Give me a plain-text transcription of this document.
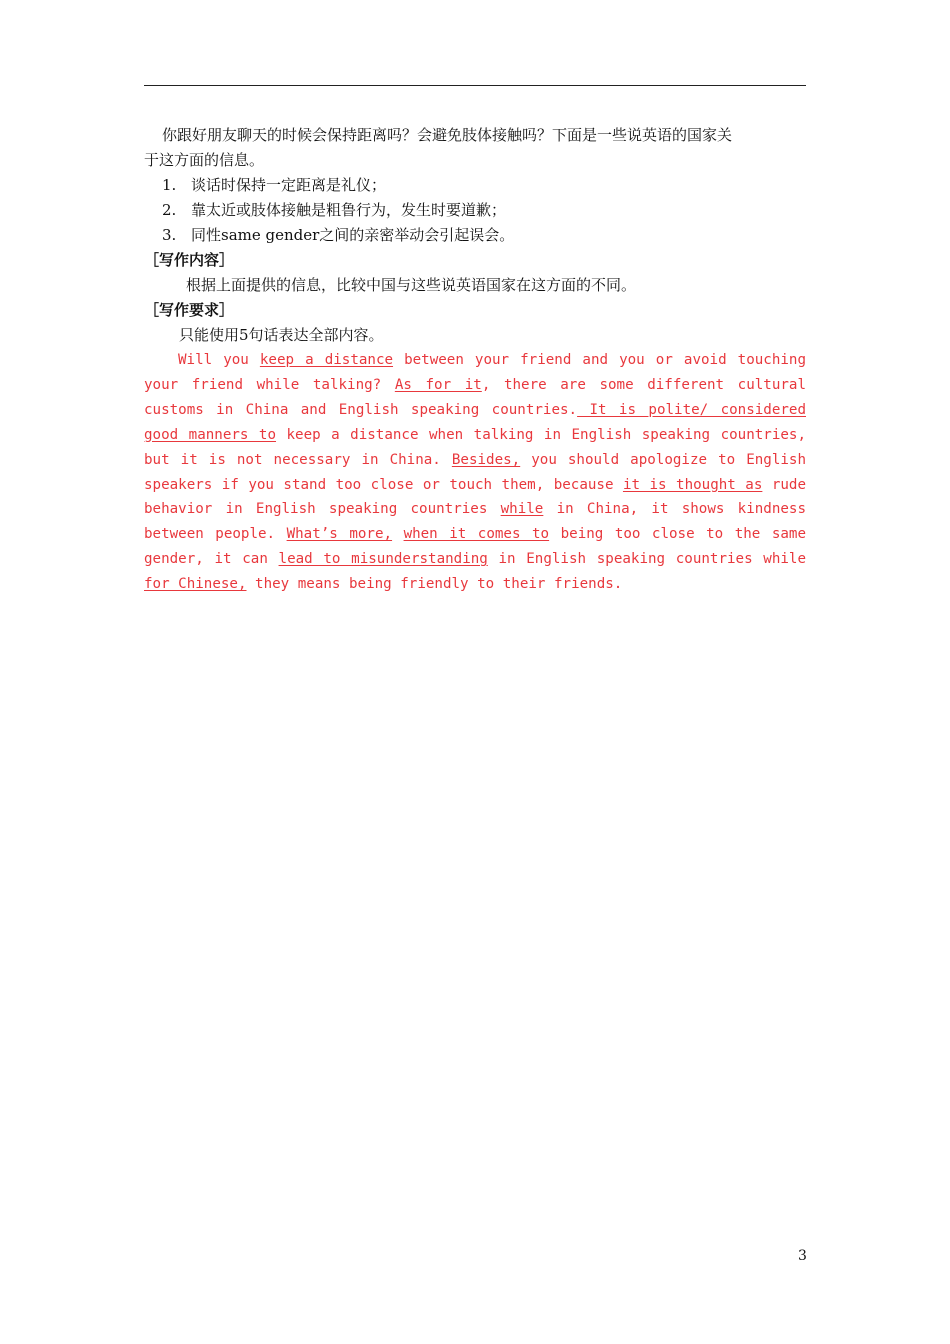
你跟好朋友聊天的时候会保持距离吗？会避免肢体接触吗？下面是一些说英语的国家关
于这方面的信息。
1. 谈话时保持一定距离是礼仪；
2. 靠太近或肢体接触是粗鲁行为，发生时要道歉；
3. 同性same gender之间的亲密举动会引起误会。
［写作内容］
根据上面提供的信息，比较中国与这些说英语国家在这方面的不同。
［写作要求］
只能使用5句话表达全部内容。

Will you keep a distance between your friend and you or avoid touching your friend while talking? As for it, there are some different cultural customs in China and English speaking countries. It is polite/ considered good manners to keep a distance when talking in English speaking countries, but it is not necessary in China. Besides, you should apologize to English speakers if you stand too close or touch them, because it is thought as rude behavior in English speaking countries while in China, it shows kindness between people. What’s more, when it comes to being too close to the same gender, it can lead to misunderstanding in English speaking countries while for Chinese, they means being friendly to their friends.

3
